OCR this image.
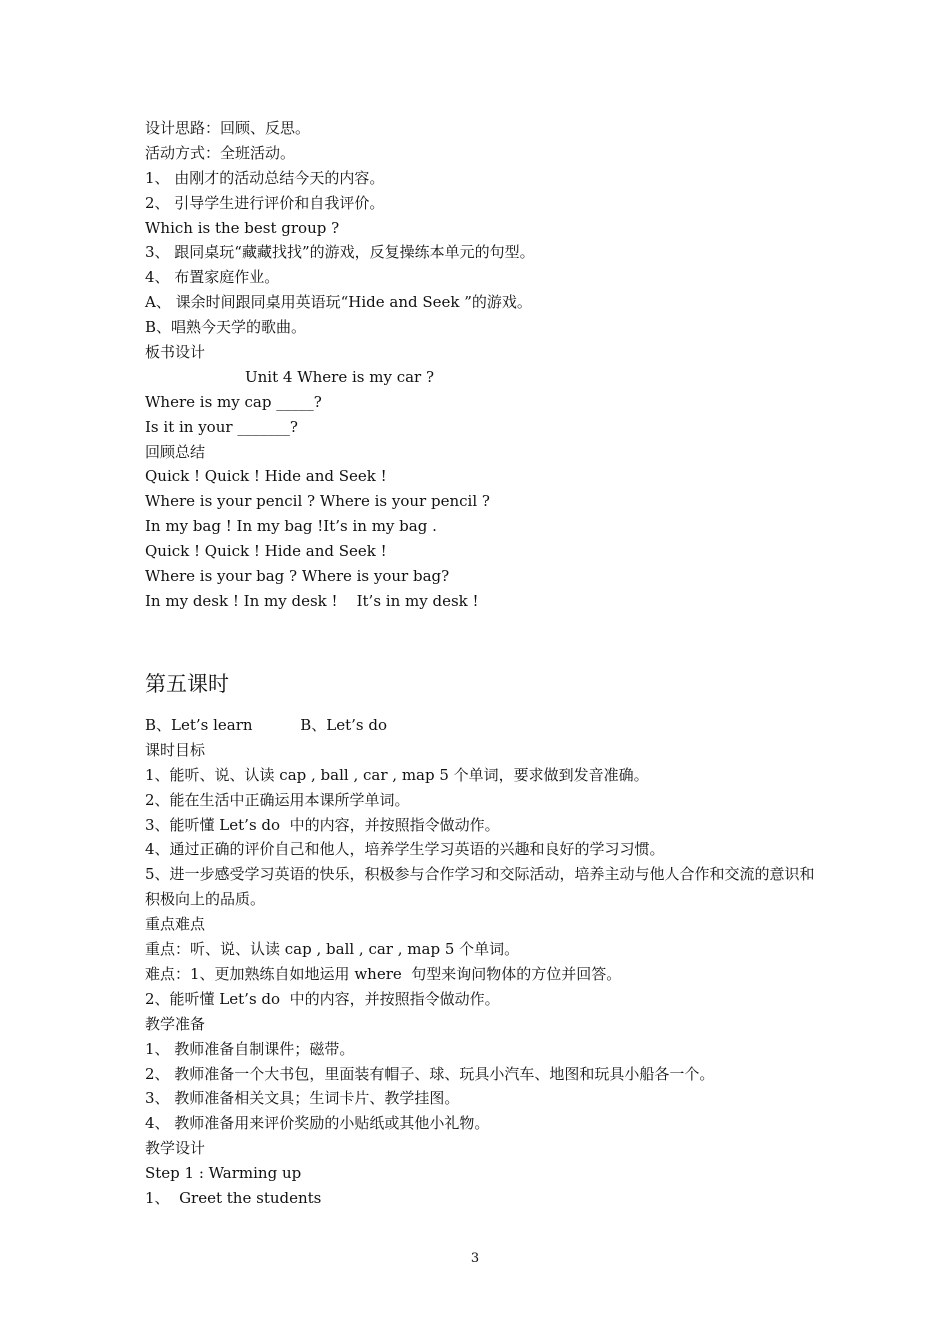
设计思路：回顾、反思。
活动方式：全班活动。
1、 由刚才的活动总结今天的内容。
2、 引导学生进行评价和自我评价。
Which is the best group ?
3、 跟同桌玩“藏藏找找”的游戏，反复操练本单元的句型。
4、 布置家庭作业。
A、 课余时间跟同桌用英语玩“Hide and Seek ”的游戏。
B、唱熟今天学的歌曲。
板书设计
Unit 4 Where is my car ?
Where is my cap _____?
Is it in your _______?
回顾总结
Quick ! Quick ! Hide and Seek !
Where is your pencil ? Where is your pencil ?
In my bag ! In my bag !It’s in my bag .
Quick ! Quick ! Hide and Seek !
Where is your bag ? Where is your bag?
In my desk ! In my desk !    It’s in my desk !
第五课时
B、Let’s learn          B、Let’s do
课时目标
1、能听、说、认读 cap , ball , car , map 5 个单词，要求做到发音准确。
2、能在生活中正确运用本课所学单词。
3、能听懂 Let’s do  中的内容，并按照指令做动作。
4、通过正确的评价自己和他人，培养学生学习英语的兴趣和良好的学习习惯。
5、进一步感受学习英语的快乐，积极参与合作学习和交际活动，培养主动与他人合作和交流的意识和积极向上的品质。
重点难点
重点：听、说、认读 cap , ball , car , map 5 个单词。
难点：1、更加熟练自如地运用 where  句型来询问物体的方位并回答。
2、能听懂 Let’s do  中的内容，并按照指令做动作。
教学准备
1、 教师准备自制课件；磁带。
2、 教师准备一个大书包，里面装有帽子、球、玩具小汽车、地图和玩具小船各一个。
3、 教师准备相关文具；生词卡片、教学挂图。
4、 教师准备用来评价奖励的小贴纸或其他小礼物。
教学设计
Step 1 : Warming up
1、  Greet the students
3
